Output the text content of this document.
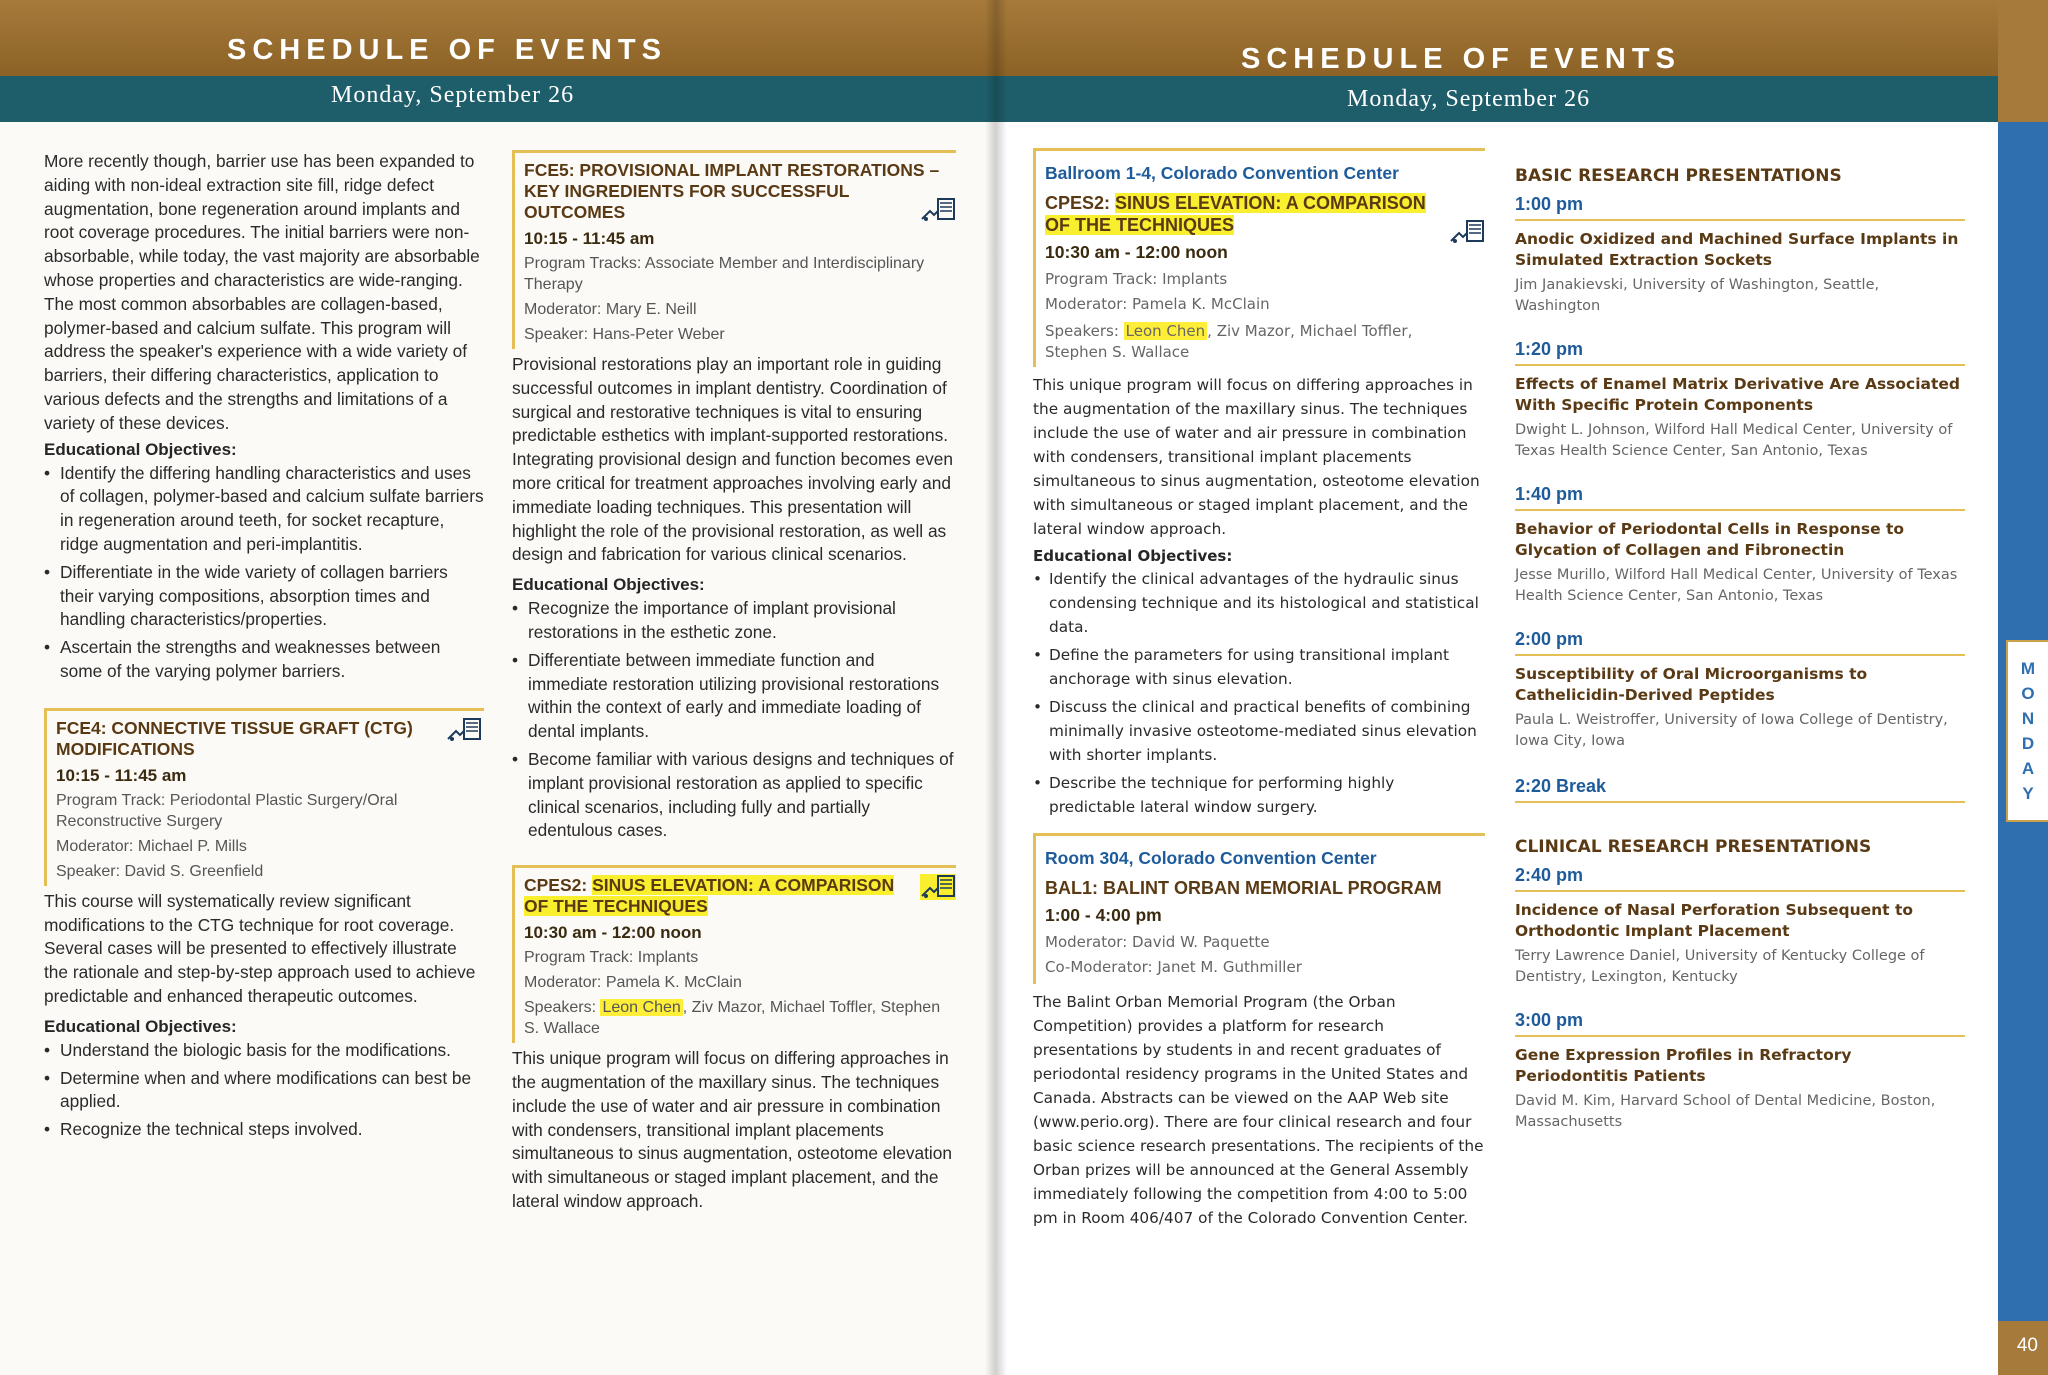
SCHEDULE OF EVENTS
Monday, September 26

More recently though, barrier use has been expanded to aiding with non-ideal extraction site fill, ridge defect augmentation, bone regeneration around implants and root coverage procedures. The initial barriers were non-absorbable, while today, the vast majority are absorbable whose properties and characteristics are wide-ranging. The most common absorbables are collagen-based, polymer-based and calcium sulfate. This program will address the speaker's experience with a wide variety of barriers, their differing characteristics, application to various defects and the strengths and limitations of a variety of these devices.

Educational Objectives:
• Identify the differing handling characteristics and uses of collagen, polymer-based and calcium sulfate barriers in regeneration around teeth, for socket recapture, ridge augmentation and peri-implantitis.
• Differentiate in the wide variety of collagen barriers their varying compositions, absorption times and handling characteristics/properties.
• Ascertain the strengths and weaknesses between some of the varying polymer barriers.
FCE4: CONNECTIVE TISSUE GRAFT (CTG) MODIFICATIONS
10:15 - 11:45 am
Program Track: Periodontal Plastic Surgery/Oral Reconstructive Surgery
Moderator: Michael P. Mills
Speaker: David S. Greenfield

This course will systematically review significant modifications to the CTG technique for root coverage. Several cases will be presented to effectively illustrate the rationale and step-by-step approach used to achieve predictable and enhanced therapeutic outcomes.

Educational Objectives:
• Understand the biologic basis for the modifications.
• Determine when and where modifications can best be applied.
• Recognize the technical steps involved.
FCE5: PROVISIONAL IMPLANT RESTORATIONS – KEY INGREDIENTS FOR SUCCESSFUL OUTCOMES
10:15 - 11:45 am
Program Tracks: Associate Member and Interdisciplinary Therapy
Moderator: Mary E. Neill
Speaker: Hans-Peter Weber

Provisional restorations play an important role in guiding successful outcomes in implant dentistry. Coordination of surgical and restorative techniques is vital to ensuring predictable esthetics with implant-supported restorations. Integrating provisional design and function becomes even more critical for treatment approaches involving early and immediate loading techniques. This presentation will highlight the role of the provisional restoration, as well as design and fabrication for various clinical scenarios.

Educational Objectives:
• Recognize the importance of implant provisional restorations in the esthetic zone.
• Differentiate between immediate function and immediate restoration utilizing provisional restorations within the context of early and immediate loading of dental implants.
• Become familiar with various designs and techniques of implant provisional restoration as applied to specific clinical scenarios, including fully and partially edentulous cases.
CPES2: SINUS ELEVATION: A COMPARISON OF THE TECHNIQUES
10:30 am - 12:00 noon
Program Track: Implants
Moderator: Pamela K. McClain
Speakers: Leon Chen , Ziv Mazor, Michael Toffler, Stephen S. Wallace

This unique program will focus on differing approaches in the augmentation of the maxillary sinus. The techniques include the use of water and air pressure in combination with condensers, transitional implant placements simultaneous to sinus augmentation, osteotome elevation with simultaneous or staged implant placement, and the lateral window approach.

SCHEDULE OF EVENTS
Monday, September 26
40
M
O
N
D
A
Y
Ballroom 1-4, Colorado Convention Center
CPES2: SINUS ELEVATION: A COMPARISON OF THE TECHNIQUES
10:30 am - 12:00 noon
Program Track: Implants
Moderator: Pamela K. McClain
Speakers: Leon Chen , Ziv Mazor, Michael Toffler, Stephen S. Wallace

This unique program will focus on differing approaches in the augmentation of the maxillary sinus. The techniques include the use of water and air pressure in combination with condensers, transitional implant placements simultaneous to sinus augmentation, osteotome elevation with simultaneous or staged implant placement, and the lateral window approach.

Educational Objectives:
• Identify the clinical advantages of the hydraulic sinus condensing technique and its histological and statistical data.
• Define the parameters for using transitional implant anchorage with sinus elevation.
• Discuss the clinical and practical benefits of combining minimally invasive osteotome-mediated sinus elevation with shorter implants.
• Describe the technique for performing highly predictable lateral window surgery.
Room 304, Colorado Convention Center
BAL1: BALINT ORBAN MEMORIAL PROGRAM
1:00 - 4:00 pm
Moderator: David W. Paquette
Co-Moderator: Janet M. Guthmiller

The Balint Orban Memorial Program (the Orban Competition) provides a platform for research presentations by students in and recent graduates of periodontal residency programs in the United States and Canada. Abstracts can be viewed on the AAP Web site (www.perio.org). There are four clinical research and four basic science research presentations. The recipients of the Orban prizes will be announced at the General Assembly immediately following the competition from 4:00 to 5:00 pm in Room 406/407 of the Colorado Convention Center.

BASIC RESEARCH PRESENTATIONS
1:00 pm
Anodic Oxidized and Machined Surface Implants in Simulated Extraction Sockets
Jim Janakievski, University of Washington, Seattle, Washington
1:20 pm
Effects of Enamel Matrix Derivative Are Associated With Specific Protein Components
Dwight L. Johnson, Wilford Hall Medical Center, University of Texas Health Science Center, San Antonio, Texas
1:40 pm
Behavior of Periodontal Cells in Response to Glycation of Collagen and Fibronectin
Jesse Murillo, Wilford Hall Medical Center, University of Texas Health Science Center, San Antonio, Texas
2:00 pm
Susceptibility of Oral Microorganisms to Cathelicidin-Derived Peptides
Paula L. Weistroffer, University of Iowa College of Dentistry, Iowa City, Iowa
2:20 Break
CLINICAL RESEARCH PRESENTATIONS
2:40 pm
Incidence of Nasal Perforation Subsequent to Orthodontic Implant Placement
Terry Lawrence Daniel, University of Kentucky College of Dentistry, Lexington, Kentucky
3:00 pm
Gene Expression Profiles in Refractory Periodontitis Patients
David M. Kim, Harvard School of Dental Medicine, Boston, Massachusetts
